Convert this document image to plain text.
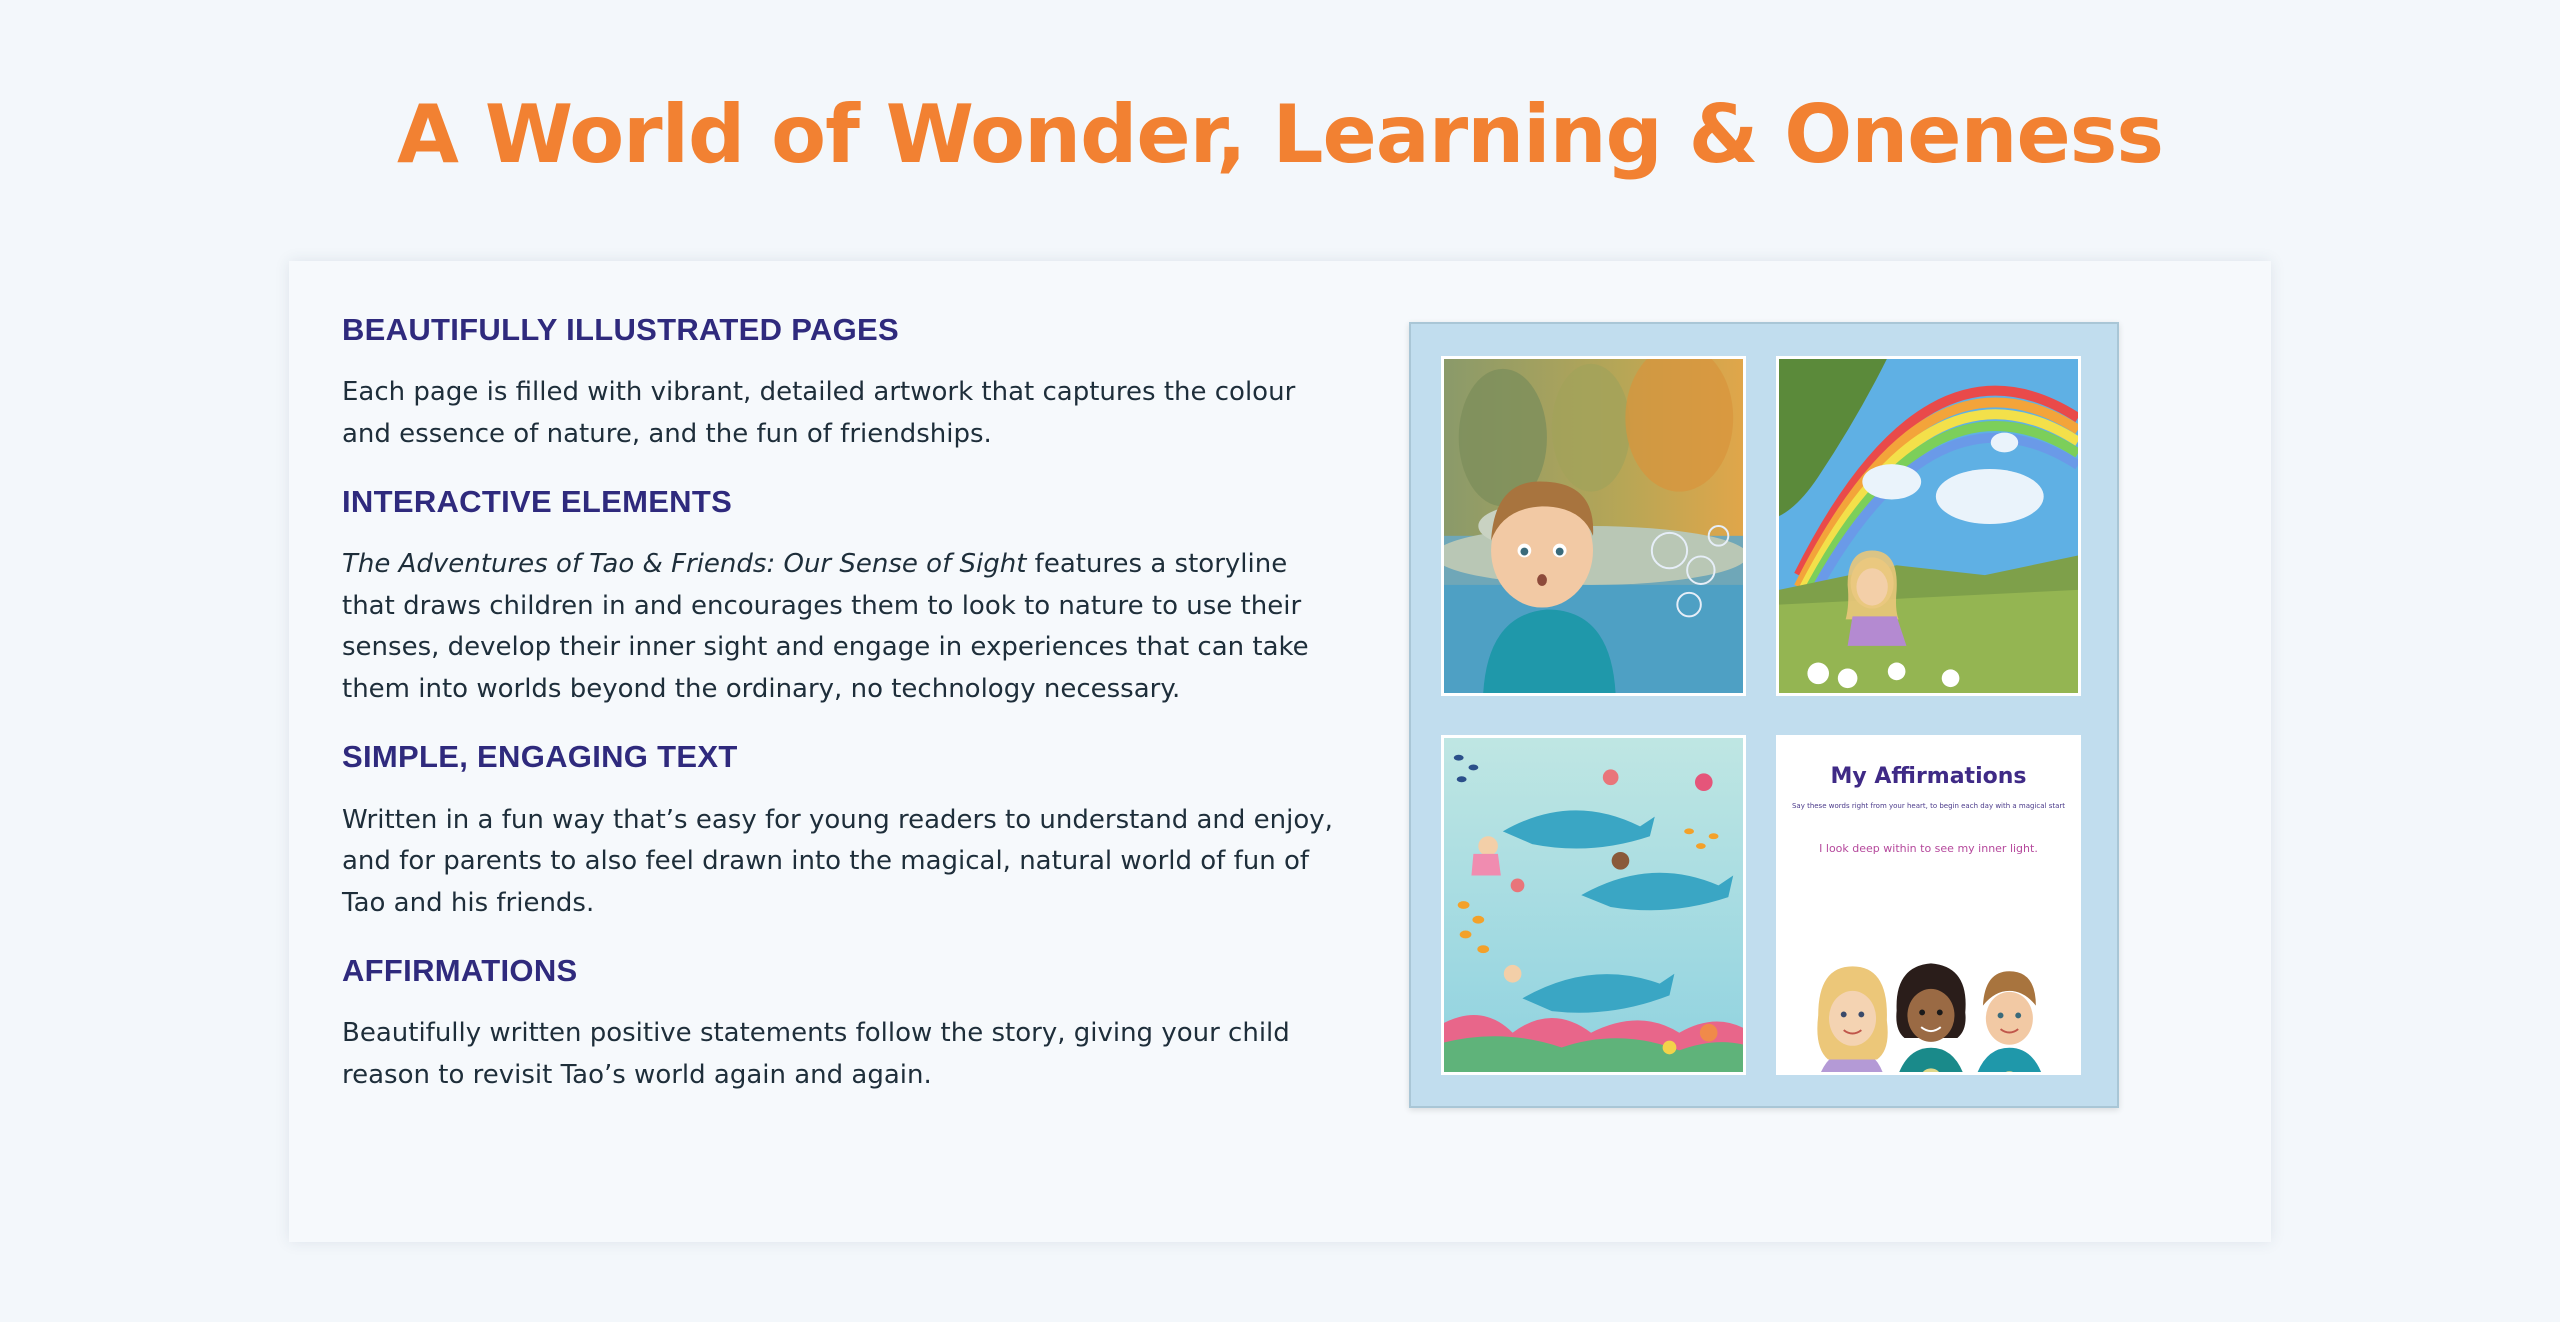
A World of Wonder, Learning & Oneness
BEAUTIFULLY ILLUSTRATED PAGES

Each page is filled with vibrant, detailed artwork that captures the colour and essence of nature, and the fun of friendships.

INTERACTIVE ELEMENTS

The Adventures of Tao & Friends: Our Sense of Sight features a storyline that draws children in and encourages them to look to nature to use their senses, develop their inner sight and engage in experiences that can take them into worlds beyond the ordinary, no technology necessary.

SIMPLE, ENGAGING TEXT

Written in a fun way that’s easy for young readers to understand and enjoy, and for parents to also feel drawn into the magical, natural world of fun of Tao and his friends.

AFFIRMATIONS

Beautifully written positive statements follow the story, giving your child reason to revisit Tao’s world again and again.

My Affirmations
Say these words right from your heart, to begin each day with a magical start
I look deep within to see my inner light.
